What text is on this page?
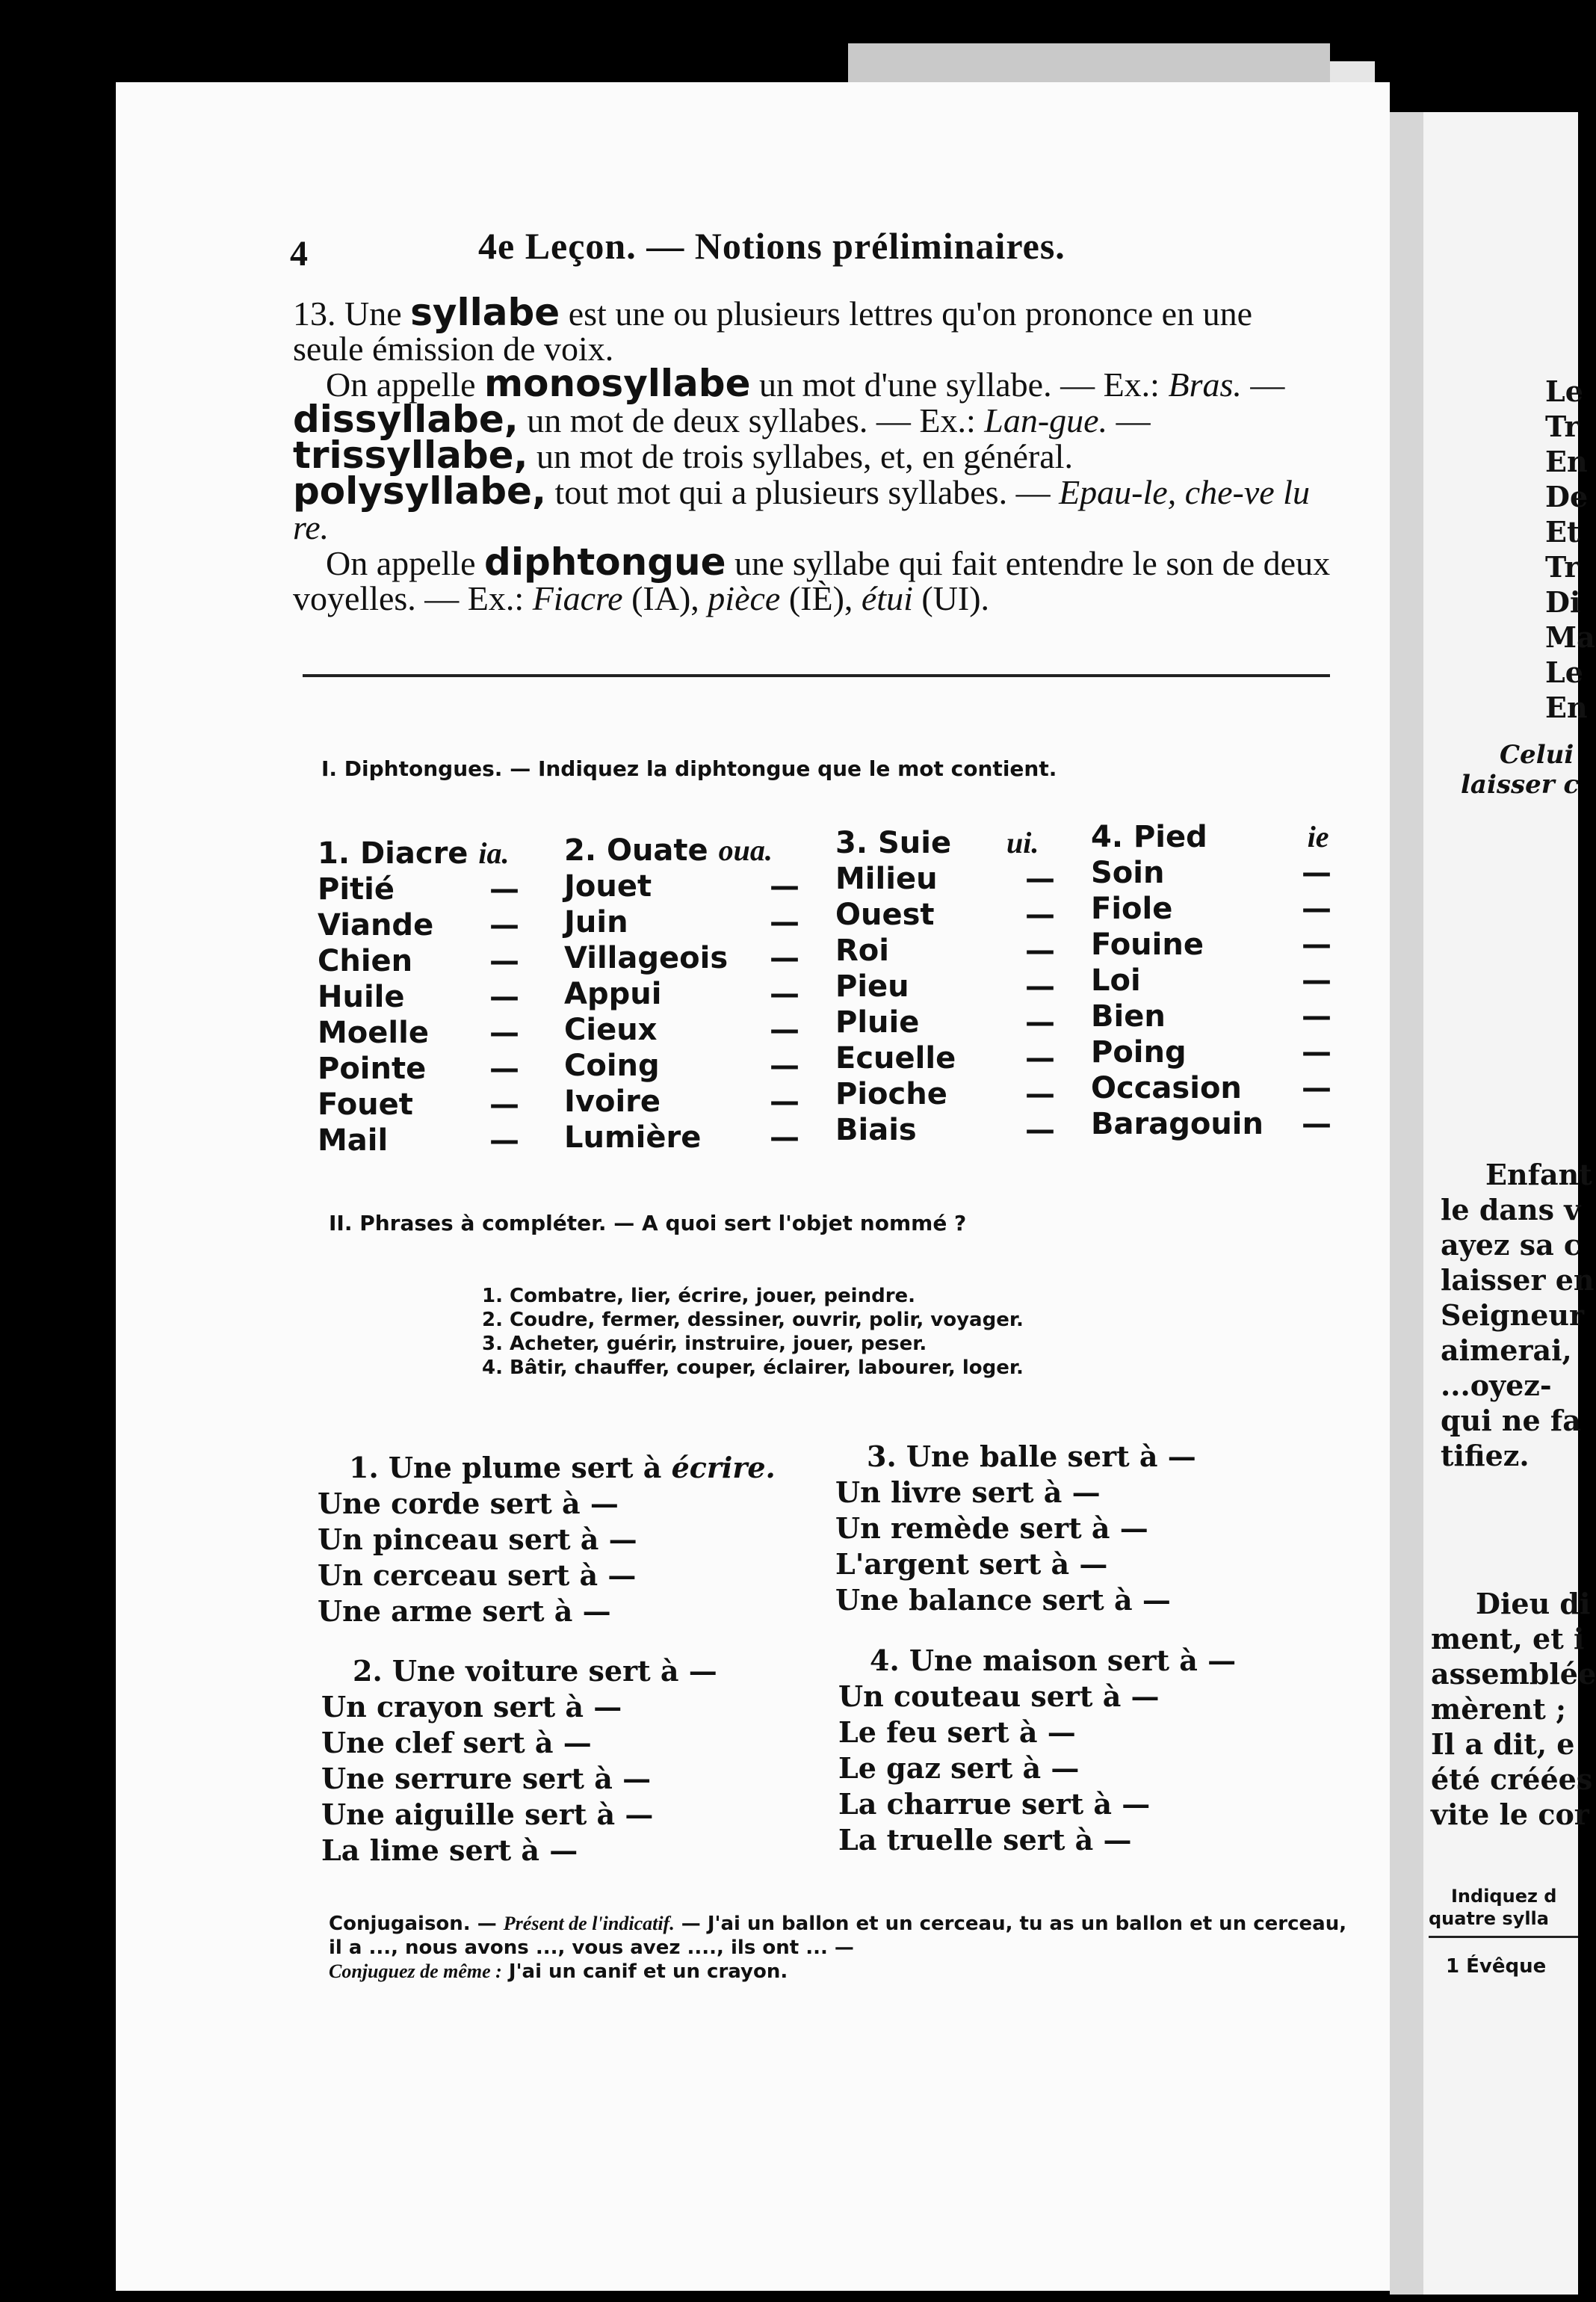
4	4e Leçon. — Notions préliminaires.
13. Une syllabe est une ou plusieurs lettres qu'on prononce en une seule émission de voix.
On appelle monosyllabe un mot d'une syllabe. — Ex.: Bras. — dissyllabe, un mot de deux syllabes. — Ex.: Lan-gue. — trissyllabe, un mot de trois syllabes, et, en général. polysyllabe, tout mot qui a plusieurs syllabes. — Epau-le, che-ve lu re.
On appelle diphtongue une syllabe qui fait entendre le son de deux voyelles. — Ex.: Fiacre (IA), pièce (IÈ), étui (UI).
I. Diphtongues. — Indiquez la diphtongue que le mot contient.
1. Diacre ia.
Pitié
Viande
Chien
Huile
Moelle
Pointe
Fouet
Mail
—
—
—
—
—
—
—
—
2. Ouate oua.
Jouet
Juin
Villageois
Appui
Cieux
Coing
Ivoire
Lumière
—
—
—
—
—
—
—
—
3. Suie ui.
Milieu
Ouest
Roi
Pieu
Pluie
Ecuelle
Pioche
Biais
—
—
—
—
—
—
—
—
4. Pied	ie
Soin
Fiole
Fouine
Loi
Bien
Poing
Occasion
Baragouin
—
—
—
—
—
—
—
—
II. Phrases à compléter. — A quoi sert l'objet nommé ?
1. Combatre, lier, écrire, jouer, peindre.
2. Coudre, fermer, dessiner, ouvrir, polir, voyager.
3. Acheter, guérir, instruire, jouer, peser.
4. Bâtir, chauffer, couper, éclairer, labourer, loger.
1. Une plume sert à écrire.
Une corde sert à —
Un pinceau sert à —
Un cerceau sert à —
Une arme sert à —
2. Une voiture sert à —
Un crayon sert à —
Une clef sert à —
Une serrure sert à —
Une aiguille sert à —
La lime sert à —
3. Une balle sert à —
Un livre sert à —
Un remède sert à —
L'argent sert à —
Une balance sert à —
4. Une maison sert à —
Un couteau sert à —
Le feu sert à —
Le gaz sert à —
La charrue sert à —
La truelle sert à —
Conjugaison. — Présent de l'indicatif. — J'ai un ballon et un cerceau, tu as un ballon et un cerceau, il a ..., nous avons ..., vous avez ...., ils ont ... —
Conjuguez de même : J'ai un canif et un crayon.
Le
Tr
En
De
Et
Tr
Di
Ma
Le
En
Celui
laisser c
Enfant
le dans v
ayez sa c
laisser en
Seigneur
aimerai,
...oyez-
qui ne fa
tifiez.
Dieu di
ment, et i
assemblée
mèrent ;
Il a dit, e
été créées
vite le cor
Indiquez d
quatre sylla
1 Évêque
